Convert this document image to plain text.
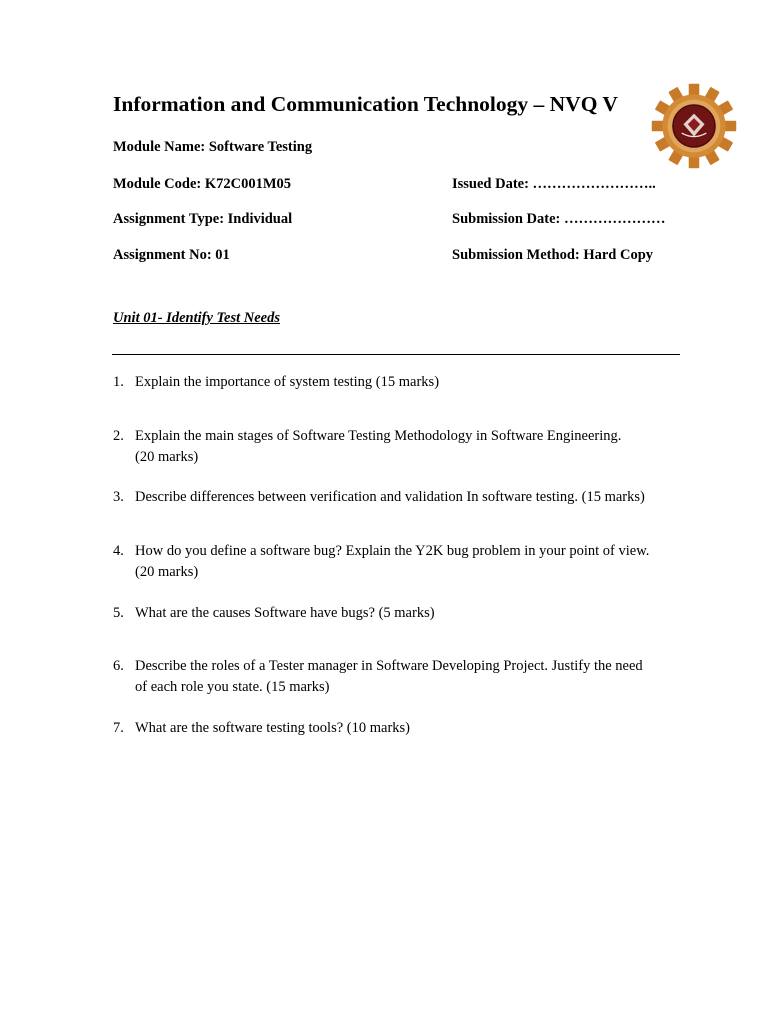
Information and Communication Technology – NVQ V
Module Name: Software Testing
Module Code: K72C001M05
Assignment Type: Individual
Assignment No: 01
Issued Date: ……………………..
Submission Date: …………………
Submission Method: Hard Copy
Unit 01- Identify Test Needs
1. Explain the importance of system testing (15 marks)
2. Explain the main stages of Software Testing Methodology in Software Engineering.
(20 marks)
3. Describe differences between verification and validation In software testing. (15 marks)
4. How do you define a software bug? Explain the Y2K bug problem in your point of view.
(20 marks)
5. What are the causes Software have bugs? (5 marks)
6. Describe the roles of a Tester manager in Software Developing Project. Justify the need
of each role you state. (15 marks)
7. What are the software testing tools? (10 marks)
